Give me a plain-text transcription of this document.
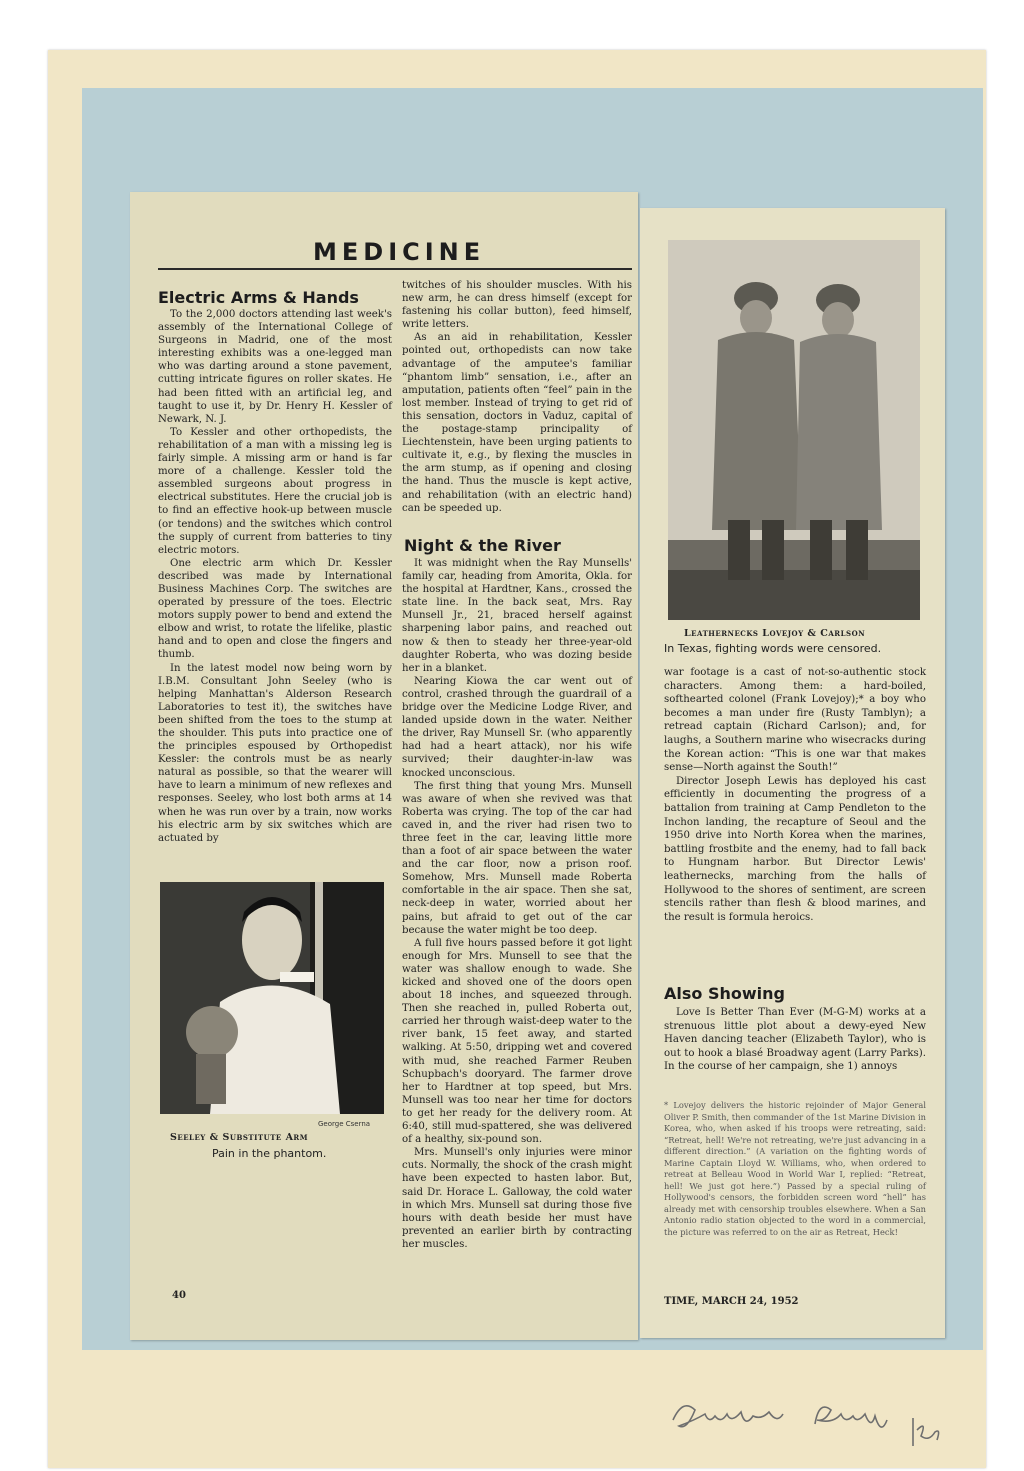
MEDICINE
Electric Arms & Hands

To the 2,000 doctors attending last week's assembly of the International College of Surgeons in Madrid, one of the most interesting exhibits was a one-legged man who was darting around a stone pavement, cutting intricate figures on roller skates. He had been fitted with an artificial leg, and taught to use it, by Dr. Henry H. Kessler of Newark, N. J.

To Kessler and other orthopedists, the rehabilitation of a man with a missing leg is fairly simple. A missing arm or hand is far more of a challenge. Kessler told the assembled surgeons about progress in electrical substitutes. Here the crucial job is to find an effective hook-up between muscle (or tendons) and the switches which control the supply of current from batteries to tiny electric motors.

One electric arm which Dr. Kessler described was made by International Business Machines Corp. The switches are operated by pressure of the toes. Electric motors supply power to bend and extend the elbow and wrist, to rotate the lifelike, plastic hand and to open and close the fingers and thumb.

In the latest model now being worn by I.B.M. Consultant John Seeley (who is helping Manhattan's Alderson Research Laboratories to test it), the switches have been shifted from the toes to the stump at the shoulder. This puts into practice one of the principles espoused by Orthopedist Kessler: the controls must be as nearly natural as possible, so that the wearer will have to learn a minimum of new reflexes and responses. Seeley, who lost both arms at 14 when he was run over by a train, now works his electric arm by six switches which are actuated by

George Cserna

Seeley & Substitute Arm

Pain in the phantom.

40

twitches of his shoulder muscles. With his new arm, he can dress himself (except for fastening his collar button), feed himself, write letters.

As an aid in rehabilitation, Kessler pointed out, orthopedists can now take advantage of the amputee's familiar “phantom limb” sensation, i.e., after an amputation, patients often “feel” pain in the lost member. Instead of trying to get rid of this sensation, doctors in Vaduz, capital of the postage-stamp principality of Liechtenstein, have been urging patients to cultivate it, e.g., by flexing the muscles in the arm stump, as if opening and closing the hand. Thus the muscle is kept active, and rehabilitation (with an electric hand) can be speeded up.

Night & the River

It was midnight when the Ray Munsells' family car, heading from Amorita, Okla. for the hospital at Hardtner, Kans., crossed the state line. In the back seat, Mrs. Ray Munsell Jr., 21, braced herself against sharpening labor pains, and reached out now & then to steady her three-year-old daughter Roberta, who was dozing beside her in a blanket.

Nearing Kiowa the car went out of control, crashed through the guardrail of a bridge over the Medicine Lodge River, and landed upside down in the water. Neither the driver, Ray Munsell Sr. (who apparently had had a heart attack), nor his wife survived; their daughter-in-law was knocked unconscious.

The first thing that young Mrs. Munsell was aware of when she revived was that Roberta was crying. The top of the car had caved in, and the river had risen two to three feet in the car, leaving little more than a foot of air space between the water and the car floor, now a prison roof. Somehow, Mrs. Munsell made Roberta comfortable in the air space. Then she sat, neck-deep in water, worried about her pains, but afraid to get out of the car because the water might be too deep.

A full five hours passed before it got light enough for Mrs. Munsell to see that the water was shallow enough to wade. She kicked and shoved one of the doors open about 18 inches, and squeezed through. Then she reached in, pulled Roberta out, carried her through waist-deep water to the river bank, 15 feet away, and started walking. At 5:50, dripping wet and covered with mud, she reached Farmer Reuben Schupbach's dooryard. The farmer drove her to Hardtner at top speed, but Mrs. Munsell was too near her time for doctors to get her ready for the delivery room. At 6:40, still mud-spattered, she was delivered of a healthy, six-pound son.

Mrs. Munsell's only injuries were minor cuts. Normally, the shock of the crash might have been expected to hasten labor. But, said Dr. Horace L. Galloway, the cold water in which Mrs. Munsell sat during those five hours with death beside her must have prevented an earlier birth by contracting her muscles.

Leathernecks Lovejoy & Carlson

In Texas, fighting words were censored.

war footage is a cast of not-so-authentic stock characters. Among them: a hard-boiled, softhearted colonel (Frank Lovejoy);* a boy who becomes a man under fire (Rusty Tamblyn); a retread captain (Richard Carlson); and, for laughs, a Southern marine who wisecracks during the Korean action: “This is one war that makes sense—North against the South!”

Director Joseph Lewis has deployed his cast efficiently in documenting the progress of a battalion from training at Camp Pendleton to the Inchon landing, the recapture of Seoul and the 1950 drive into North Korea when the marines, battling frostbite and the enemy, had to fall back to Hungnam harbor. But Director Lewis' leathernecks, marching from the halls of Hollywood to the shores of sentiment, are screen stencils rather than flesh & blood marines, and the result is formula heroics.

Also Showing

Love Is Better Than Ever (M-G-M) works at a strenuous little plot about a dewy-eyed New Haven dancing teacher (Elizabeth Taylor), who is out to hook a blasé Broadway agent (Larry Parks). In the course of her campaign, she 1) annoys

* Lovejoy delivers the historic rejoinder of Major General Oliver P. Smith, then commander of the 1st Marine Division in Korea, who, when asked if his troops were retreating, said: “Retreat, hell! We're not retreating, we're just advancing in a different direction.” (A variation on the fighting words of Marine Captain Lloyd W. Williams, who, when ordered to retreat at Belleau Wood in World War I, replied: “Retreat, hell! We just got here.”) Passed by a special ruling of Hollywood's censors, the forbidden screen word “hell” has already met with censorship troubles elsewhere. When a San Antonio radio station objected to the word in a commercial, the picture was referred to on the air as Retreat, Heck!

TIME, MARCH 24, 1952
